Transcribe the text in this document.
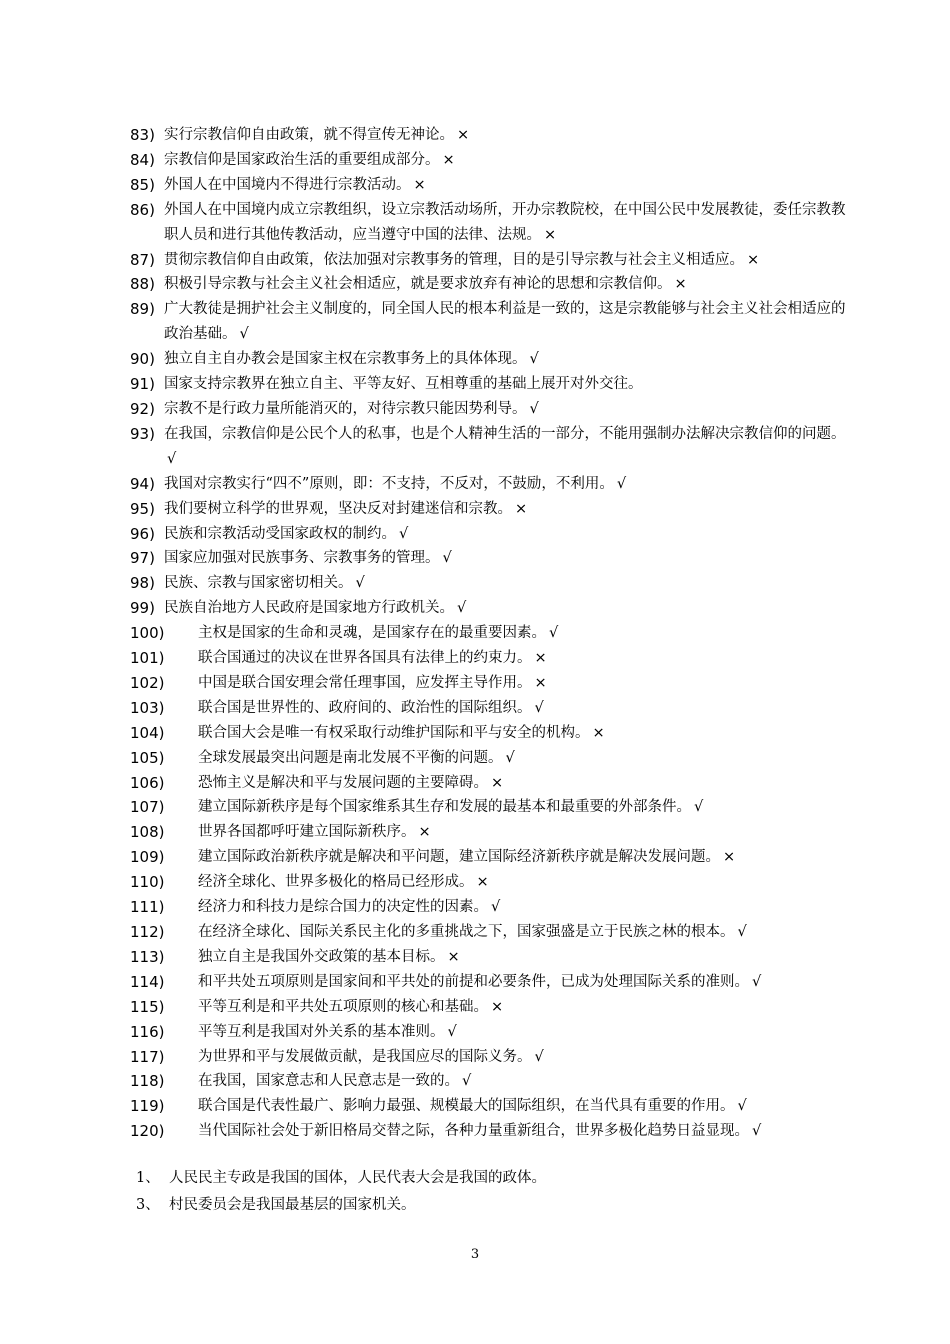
83) 实行宗教信仰自由政策，就不得宣传无神论。 ×
84) 宗教信仰是国家政治生活的重要组成部分。 ×
85) 外国人在中国境内不得进行宗教活动。 ×
86) 外国人在中国境内成立宗教组织，设立宗教活动场所，开办宗教院校，在中国公民中发展教徒，委任宗教教职人员和进行其他传教活动，应当遵守中国的法律、法规。 ×
87) 贯彻宗教信仰自由政策，依法加强对宗教事务的管理，目的是引导宗教与社会主义相适应。 ×
88) 积极引导宗教与社会主义社会相适应，就是要求放弃有神论的思想和宗教信仰。 ×
89) 广大教徒是拥护社会主义制度的，同全国人民的根本利益是一致的，这是宗教能够与社会主义社会相适应的政治基础。 √
90) 独立自主自办教会是国家主权在宗教事务上的具体体现。 √
91) 国家支持宗教界在独立自主、平等友好、互相尊重的基础上展开对外交往。
92) 宗教不是行政力量所能消灭的，对待宗教只能因势利导。 √
93) 在我国，宗教信仰是公民个人的私事，也是个人精神生活的一部分，不能用强制办法解决宗教信仰的问题。√
94) 我国对宗教实行“四不”原则，即：不支持，不反对，不鼓励，不利用。 √
95) 我们要树立科学的世界观，坚决反对封建迷信和宗教。 ×
96) 民族和宗教活动受国家政权的制约。 √
97) 国家应加强对民族事务、宗教事务的管理。 √
98) 民族、宗教与国家密切相关。 √
99) 民族自治地方人民政府是国家地方行政机关。 √
100) 主权是国家的生命和灵魂，是国家存在的最重要因素。 √
101) 联合国通过的决议在世界各国具有法律上的约束力。 ×
102) 中国是联合国安理会常任理事国，应发挥主导作用。 ×
103) 联合国是世界性的、政府间的、政治性的国际组织。 √
104) 联合国大会是唯一有权采取行动维护国际和平与安全的机构。 ×
105) 全球发展最突出问题是南北发展不平衡的问题。 √
106) 恐怖主义是解决和平与发展问题的主要障碍。 ×
107) 建立国际新秩序是每个国家维系其生存和发展的最基本和最重要的外部条件。 √
108) 世界各国都呼吁建立国际新秩序。 ×
109) 建立国际政治新秩序就是解决和平问题，建立国际经济新秩序就是解决发展问题。 ×
110) 经济全球化、世界多极化的格局已经形成。 ×
111) 经济力和科技力是综合国力的决定性的因素。 √
112) 在经济全球化、国际关系民主化的多重挑战之下，国家强盛是立于民族之林的根本。 √
113) 独立自主是我国外交政策的基本目标。 ×
114) 和平共处五项原则是国家间和平共处的前提和必要条件，已成为处理国际关系的准则。 √
115) 平等互利是和平共处五项原则的核心和基础。 ×
116) 平等互利是我国对外关系的基本准则。 √
117) 为世界和平与发展做贡献，是我国应尽的国际义务。 √
118) 在我国，国家意志和人民意志是一致的。 √
119) 联合国是代表性最广、影响力最强、规模最大的国际组织，在当代具有重要的作用。 √
120) 当代国际社会处于新旧格局交替之际，各种力量重新组合，世界多极化趋势日益显现。 √
1、 人民民主专政是我国的国体，人民代表大会是我国的政体。
3、 村民委员会是我国最基层的国家机关。
3
